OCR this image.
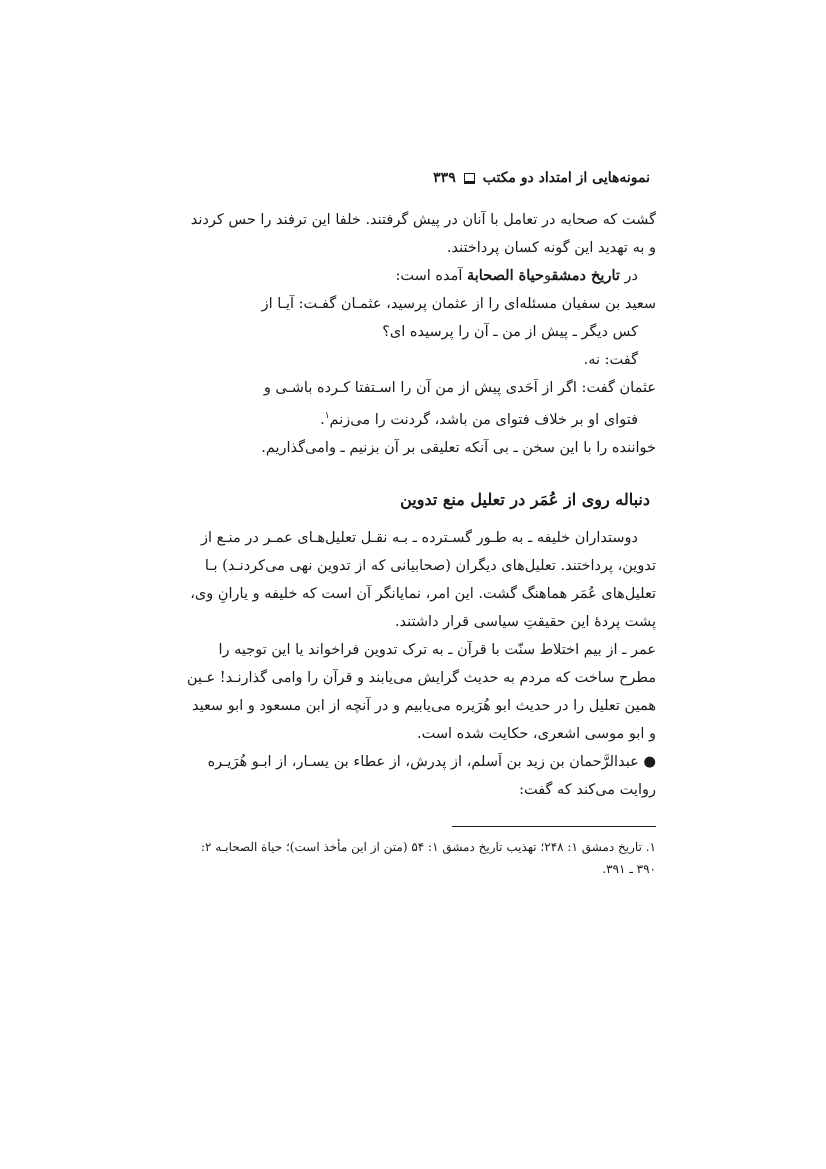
نمونه‌هایی از امتداد دو مکتب
۳۳۹

گشت که صحابه در تعامل با آنان در پیش گرفتند. خلفا این ترفند را حس کردند

و به تهدید این گونه کسان پرداختند.

در تاریخ دمشقوحیاة الصحابة آمده است:

سعید بن سفیان مسئله‌ای را از عثمان پرسید، عثمـان گفـت: آیـا از

کس دیگر ـ پیش از من ـ آن را پرسیده ای؟

گفت: نه.

عثمان گفت: اگر از اَحَدی پیش از من آن را اسـتفتا کـرده باشـی و

فتوای او بر خلاف فتوای من باشد، گردنت را می‌زنم$^۱$.

خواننده را با این سخن ـ بی آنکه تعلیقی بر آن بزنیم ـ وامی‌گذاریم.

دنباله روی از عُمَر در تعلیل منع تدوین

دوستداران خلیفه ـ به طـور گسـترده ـ بـه نقـل تعلیل‌هـای عمـر در منـع از

تدوین، پرداختند. تعلیل‌های دیگران (صحابیانی که از تدوین نهی می‌کردنـد) بـا

تعلیل‌های عُمَر هماهنگ گشت. این امر، نمایانگر آن است که خلیفه و یارانِ وی،

پشت پردهٔ این حقیقتِ سیاسی قرار داشتند.

عمر ـ از بیم اختلاط سنّت با قرآن ـ به ترک تدوین فراخواند یا این توجیه را

مطرح ساخت که مردم به حدیث گرایش می‌یابند و قرآن را وامی گذارنـد! عـین

همین تعلیل را در حدیث ابو هُرَیره می‌یابیم و در آنچه از ابن مسعود و ابو سعید

و ابو موسی اشعری، حکایت شده است.

● عبدالرَّحمان بن زید بن اَسلم، از پدرش، از عطاء بن یسـار، از ابـو هُرَیـره

روایت می‌کند که گفت:

۱. تاریخ دمشق ۱: ۲۴۸؛ تهذیب تاریخ دمشق ۱: ۵۴ (متن از این مأخذ است)؛ حیاة الصحابـه ۲:

۳۹۰ ـ ۳۹۱.
